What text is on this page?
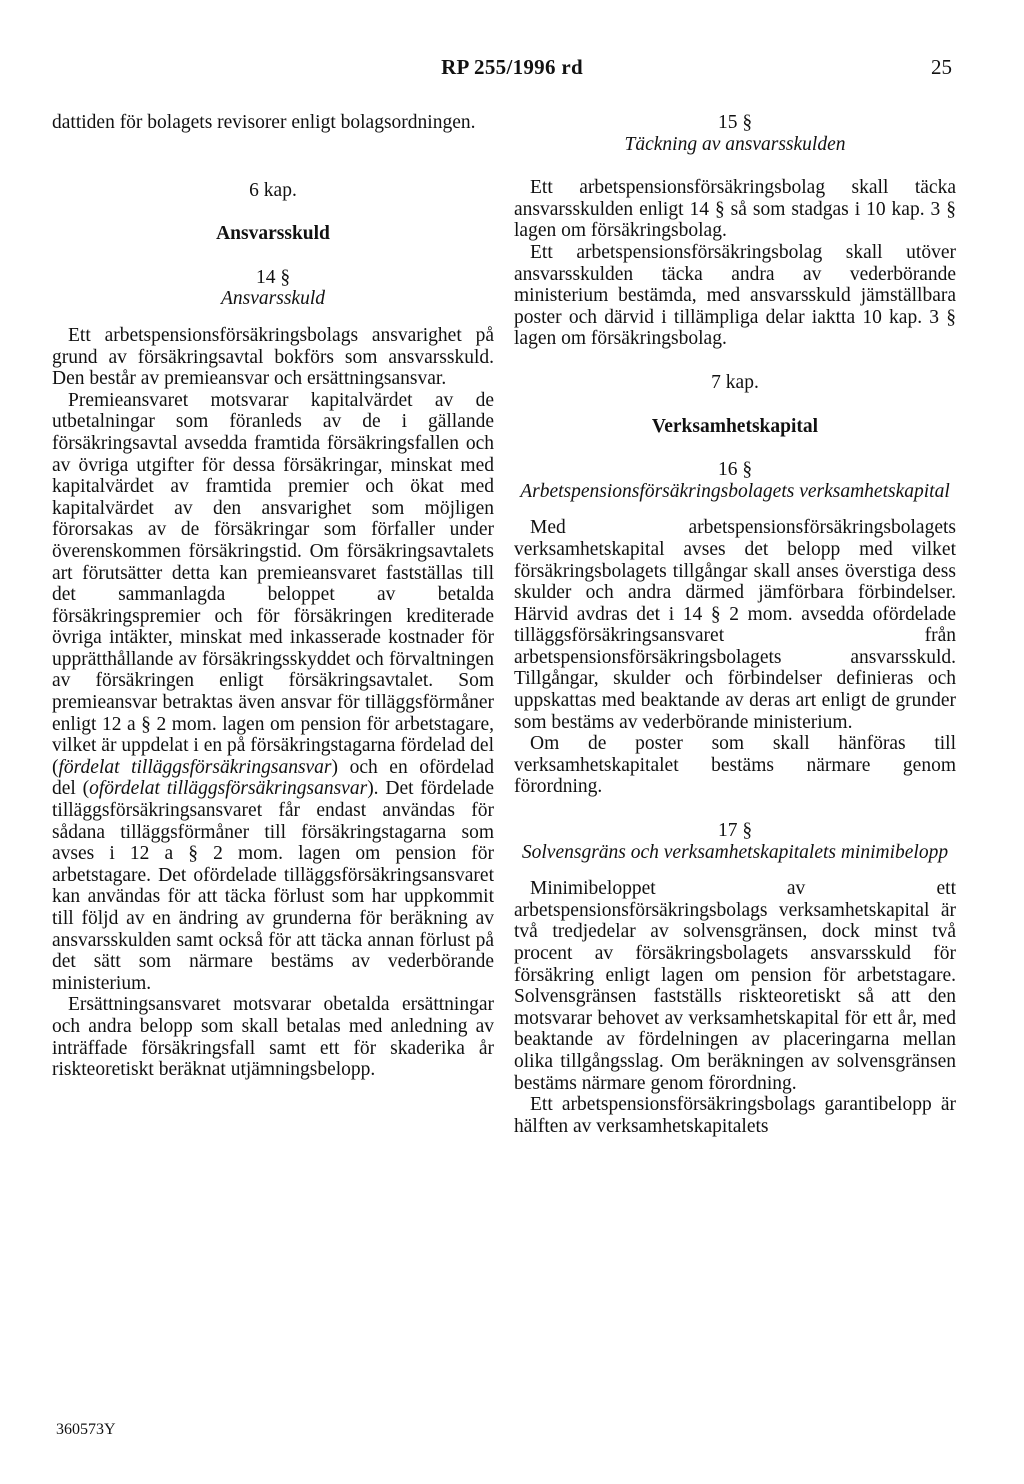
RP 255/1996 rd	25

dattiden för bolagets revisorer enligt bolagsordningen.

6 kap.
Ansvarsskuld
14 §
Ansvarsskuld

Ett arbetspensionsförsäkringsbolags ansvarighet på grund av försäkringsavtal bokförs som ansvarsskuld. Den består av premieansvar och ersättningsansvar.

Premieansvaret motsvarar kapitalvärdet av de utbetalningar som föranleds av de i gällande försäkringsavtal avsedda framtida försäkringsfallen och av övriga utgifter för dessa försäkringar, minskat med kapitalvärdet av framtida premier och ökat med kapitalvärdet av den ansvarighet som möjligen förorsakas av de försäkringar som förfaller under överenskommen försäkringstid. Om försäkringsavtalets art förutsätter detta kan premieansvaret fastställas till det sammanlagda beloppet av betalda försäkringspremier och för försäkringen krediterade övriga intäkter, minskat med inkasserade kostnader för upprätthållande av försäkringsskyddet och förvaltningen av försäkringen enligt försäkringsavtalet. Som premieansvar betraktas även ansvar för tilläggsförmåner enligt 12 a § 2 mom. lagen om pension för arbetstagare, vilket är uppdelat i en på försäkringstagarna fördelad del (fördelat tilläggsförsäkringsansvar) och en ofördelad del (ofördelat tilläggsförsäkringsansvar). Det fördelade tilläggsförsäkringsansvaret får endast användas för sådana tilläggsförmåner till försäkringstagarna som avses i 12 a § 2 mom. lagen om pension för arbetstagare. Det ofördelade tilläggsförsäkringsansvaret kan användas för att täcka förlust som har uppkommit till följd av en ändring av grunderna för beräkning av ansvarsskulden samt också för att täcka annan förlust på det sätt som närmare bestäms av vederbörande ministerium.

Ersättningsansvaret motsvarar obetalda ersättningar och andra belopp som skall betalas med anledning av inträffade försäkringsfall samt ett för skaderika år riskteoretiskt beräknat utjämningsbelopp.

15 §
Täckning av ansvarsskulden

Ett arbetspensionsförsäkringsbolag skall täcka ansvarsskulden enligt 14 § så som stadgas i 10 kap. 3 § lagen om försäkringsbolag.

Ett arbetspensionsförsäkringsbolag skall utöver ansvarsskulden täcka andra av vederbörande ministerium bestämda, med ansvarsskuld jämställbara poster och därvid i tillämpliga delar iaktta 10 kap. 3 § lagen om försäkringsbolag.

7 kap.
Verksamhetskapital
16 §
Arbetspensionsförsäkringsbolagets verksamhetskapital

Med arbetspensionsförsäkringsbolagets verksamhetskapital avses det belopp med vilket försäkringsbolagets tillgångar skall anses överstiga dess skulder och andra därmed jämförbara förbindelser. Härvid avdras det i 14 § 2 mom. avsedda ofördelade tilläggsförsäkringsansvaret från arbetspensionsförsäkringsbolagets ansvarsskuld. Tillgångar, skulder och förbindelser definieras och uppskattas med beaktande av deras art enligt de grunder som bestäms av vederbörande ministerium.

Om de poster som skall hänföras till verksamhetskapitalet bestäms närmare genom förordning.

17 §
Solvensgräns och verksamhetskapitalets minimibelopp

Minimibeloppet av ett arbetspensionsförsäkringsbolags verksamhetskapital är två tredjedelar av solvensgränsen, dock minst två procent av försäkringsbolagets ansvarsskuld för försäkring enligt lagen om pension för arbetstagare. Solvensgränsen fastställs riskteoretiskt så att den motsvarar behovet av verksamhetskapital för ett år, med beaktande av fördelningen av placeringarna mellan olika tillgångsslag. Om beräkningen av solvensgränsen bestäms närmare genom förordning.

Ett arbetspensionsförsäkringsbolags garantibelopp är hälften av verksamhetskapitalets

360573Y
